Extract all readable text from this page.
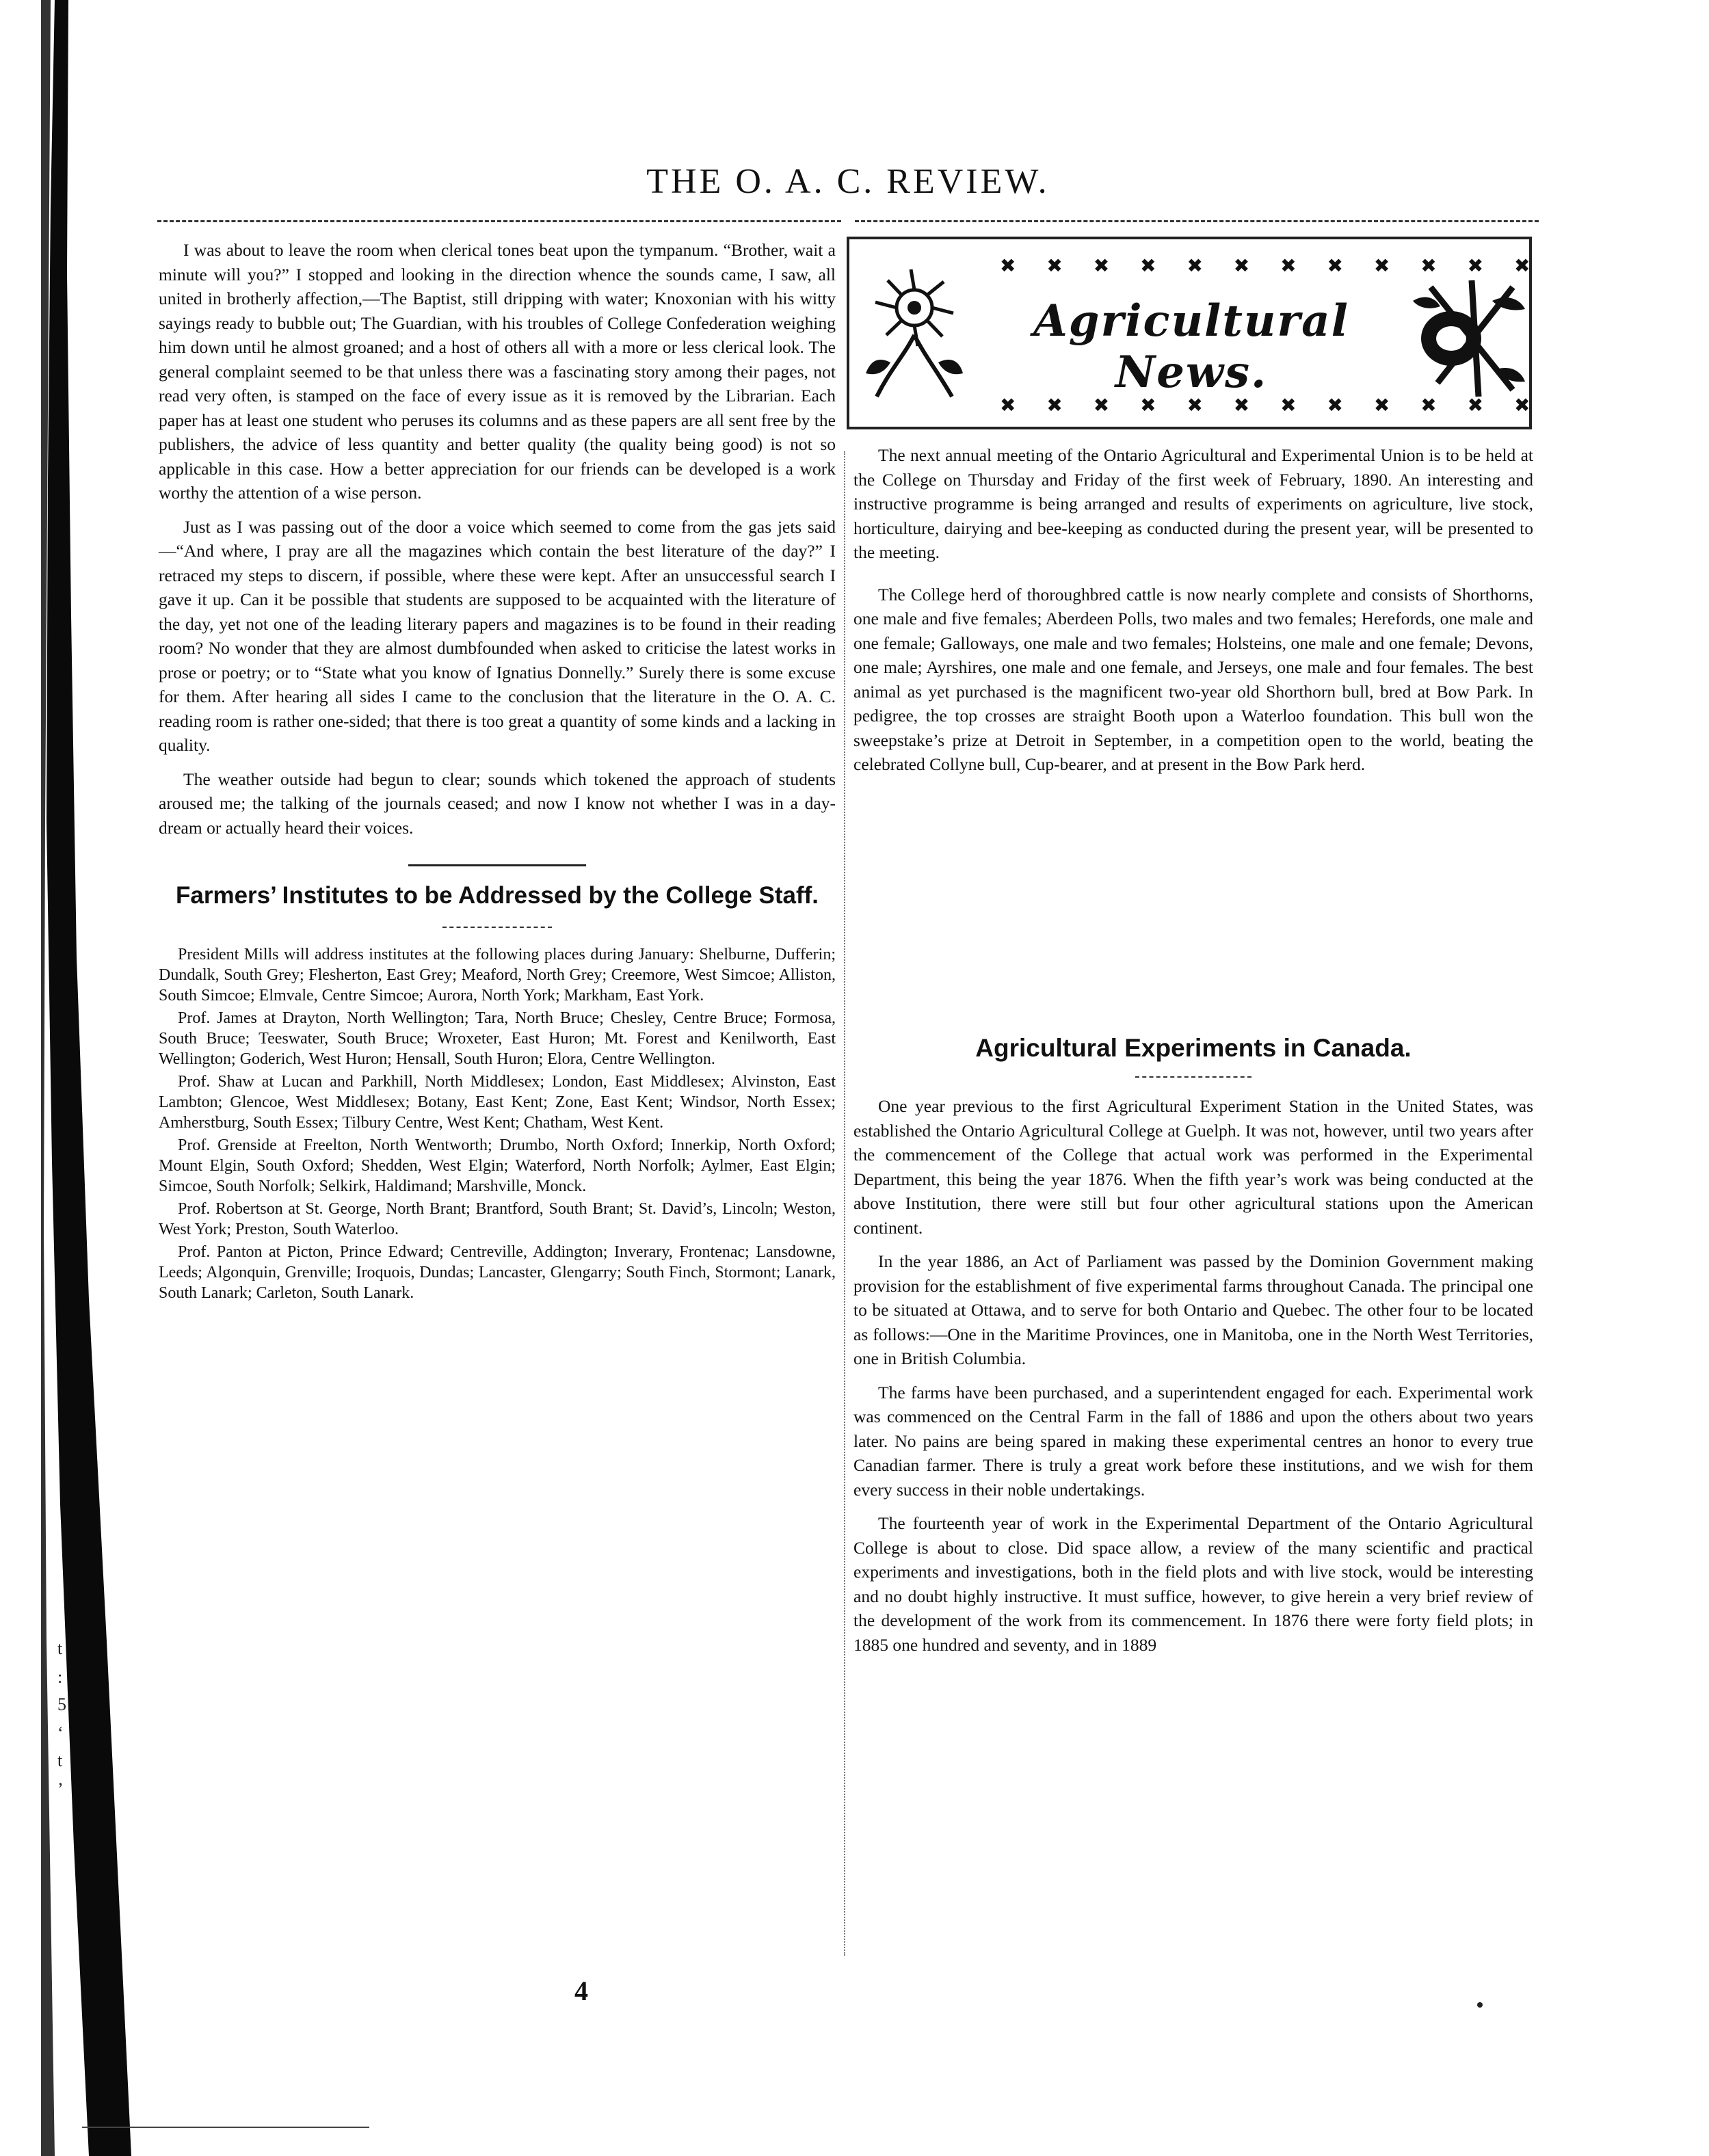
t
:
5
‘
t
’
THE O. A. C. REVIEW.

I was about to leave the room when clerical tones beat upon the tympanum. “Brother, wait a minute will you?” I stopped and looking in the direction whence the sounds came, I saw, all united in brotherly affection,—The Baptist, still dripping with water; Knoxonian with his witty sayings ready to bubble out; The Guardian, with his troubles of College Confederation weighing him down until he almost groaned; and a host of others all with a more or less clerical look. The general complaint seemed to be that unless there was a fascinating story among their pages, not read very often, is stamped on the face of every issue as it is removed by the Librarian. Each paper has at least one student who peruses its columns and as these papers are all sent free by the publishers, the advice of less quantity and better quality (the quality being good) is not so applicable in this case. How a better appreciation for our friends can be developed is a work worthy the attention of a wise person.

Just as I was passing out of the door a voice which seemed to come from the gas jets said—“And where, I pray are all the magazines which contain the best literature of the day?” I retraced my steps to discern, if possible, where these were kept. After an unsuccessful search I gave it up. Can it be possible that students are supposed to be acquainted with the literature of the day, yet not one of the leading literary papers and magazines is to be found in their reading room? No wonder that they are almost dumbfounded when asked to criticise the latest works in prose or poetry; or to “State what you know of Ignatius Donnelly.” Surely there is some excuse for them. After hearing all sides I came to the conclusion that the literature in the O. A. C. reading room is rather one-sided; that there is too great a quantity of some kinds and a lacking in quality.

The weather outside had begun to clear; sounds which tokened the approach of students aroused me; the talking of the journals ceased; and now I know not whether I was in a day-dream or actually heard their voices.

Farmers’ Institutes to be Addressed by the College Staff.

President Mills will address institutes at the following places during January: Shelburne, Dufferin; Dundalk, South Grey; Flesherton, East Grey; Meaford, North Grey; Creemore, West Simcoe; Alliston, South Simcoe; Elmvale, Centre Simcoe; Aurora, North York; Markham, East York.

Prof. James at Drayton, North Wellington; Tara, North Bruce; Chesley, Centre Bruce; Formosa, South Bruce; Teeswater, South Bruce; Wroxeter, East Huron; Mt. Forest and Kenilworth, East Wellington; Goderich, West Huron; Hensall, South Huron; Elora, Centre Wellington.

Prof. Shaw at Lucan and Parkhill, North Middlesex; London, East Middlesex; Alvinston, East Lambton; Glencoe, West Middlesex; Botany, East Kent; Zone, East Kent; Windsor, North Essex; Amherstburg, South Essex; Tilbury Centre, West Kent; Chatham, West Kent.

Prof. Grenside at Freelton, North Wentworth; Drumbo, North Oxford; Innerkip, North Oxford; Mount Elgin, South Oxford; Shedden, West Elgin; Waterford, North Norfolk; Aylmer, East Elgin; Simcoe, South Norfolk; Selkirk, Haldimand; Marshville, Monck.

Prof. Robertson at St. George, North Brant; Brantford, South Brant; St. David’s, Lincoln; Weston, West York; Preston, South Waterloo.

Prof. Panton at Picton, Prince Edward; Centreville, Addington; Inverary, Frontenac; Lansdowne, Leeds; Algonquin, Grenville; Iroquois, Dundas; Lancaster, Glengarry; South Finch, Stormont; Lanark, South Lanark; Carleton, South Lanark.

✖ ✖ ✖ ✖ ✖ ✖ ✖ ✖ ✖ ✖ ✖ ✖
Agricultural News.
✖ ✖ ✖ ✖ ✖ ✖ ✖ ✖ ✖ ✖ ✖ ✖

The next annual meeting of the Ontario Agricultural and Experimental Union is to be held at the College on Thursday and Friday of the first week of February, 1890. An interesting and instructive programme is being arranged and results of experiments on agriculture, live stock, horticulture, dairying and bee-keeping as conducted during the present year, will be presented to the meeting.

The College herd of thoroughbred cattle is now nearly complete and consists of Shorthorns, one male and five females; Aberdeen Polls, two males and two females; Herefords, one male and one female; Galloways, one male and two females; Holsteins, one male and one female; Devons, one male; Ayrshires, one male and one female, and Jerseys, one male and four females. The best animal as yet purchased is the magnificent two-year old Shorthorn bull, bred at Bow Park. In pedigree, the top crosses are straight Booth upon a Waterloo foundation. This bull won the sweepstake’s prize at Detroit in September, in a competition open to the world, beating the celebrated Collyne bull, Cup-bearer, and at present in the Bow Park herd.

Agricultural Experiments in Canada.

One year previous to the first Agricultural Experiment Station in the United States, was established the Ontario Agricultural College at Guelph. It was not, however, until two years after the commencement of the College that actual work was performed in the Experimental Department, this being the year 1876. When the fifth year’s work was being conducted at the above Institution, there were still but four other agricultural stations upon the American continent.

In the year 1886, an Act of Parliament was passed by the Dominion Government making provision for the establishment of five experimental farms throughout Canada. The principal one to be situated at Ottawa, and to serve for both Ontario and Quebec. The other four to be located as follows:—One in the Maritime Provinces, one in Manitoba, one in the North West Territories, one in British Columbia.

The farms have been purchased, and a superintendent engaged for each. Experimental work was commenced on the Central Farm in the fall of 1886 and upon the others about two years later. No pains are being spared in making these experimental centres an honor to every true Canadian farmer. There is truly a great work before these institutions, and we wish for them every success in their noble undertakings.

The fourteenth year of work in the Experimental Department of the Ontario Agricultural College is about to close. Did space allow, a review of the many scientific and practical experiments and investigations, both in the field plots and with live stock, would be interesting and no doubt highly instructive. It must suffice, however, to give herein a very brief review of the development of the work from its commencement. In 1876 there were forty field plots; in 1885 one hundred and seventy, and in 1889

4
